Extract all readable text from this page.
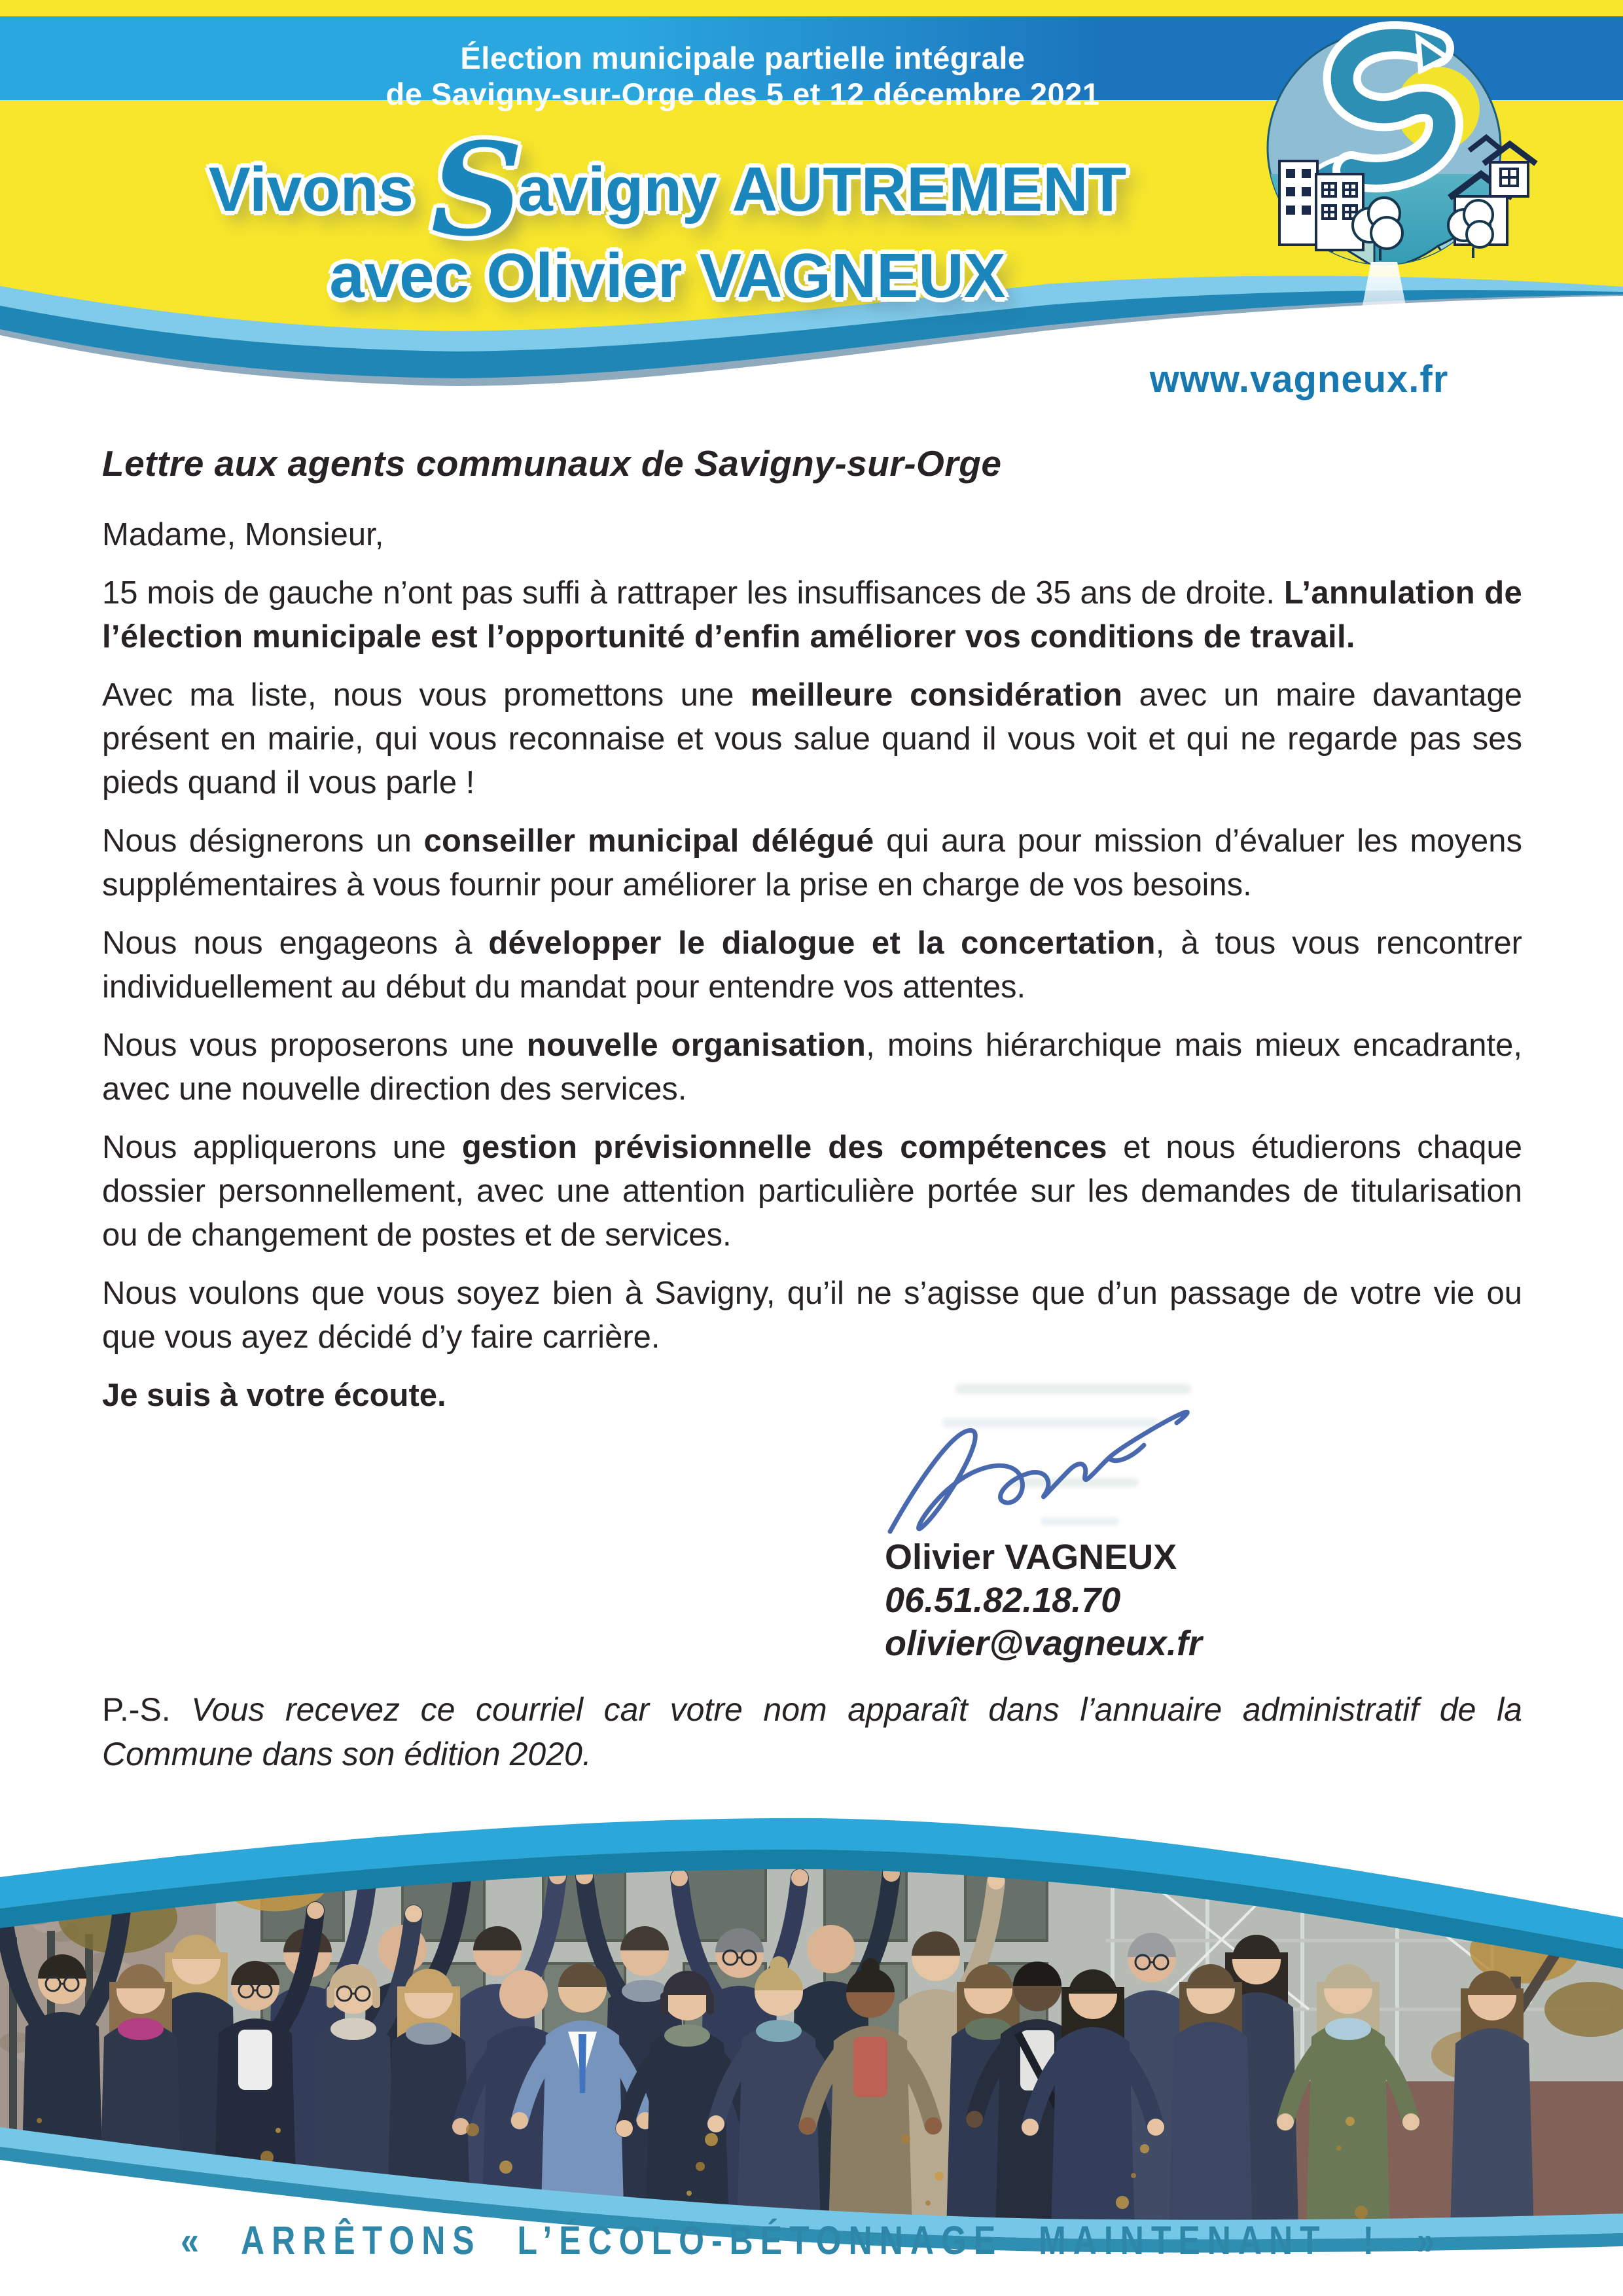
Élection municipale partielle intégrale
de Savigny-sur-Orge des 5 et 12 décembre 2021
Vivons Savigny AUTREMENT
avec Olivier VAGNEUX
www.vagneux.fr
Lettre aux agents communaux de Savigny-sur-Orge

Madame, Monsieur,

15 mois de gauche n’ont pas suffi à rattraper les insuffisances de 35 ans de droite. L’annulation de l’élection municipale est l’opportunité d’enfin améliorer vos conditions de travail.

Avec ma liste, nous vous promettons une meilleure considération avec un maire davantage présent en mairie, qui vous reconnaise et vous salue quand il vous voit et qui ne regarde pas ses pieds quand il vous parle !

Nous désignerons un conseiller municipal délégué qui aura pour mission d’évaluer les moyens supplémentaires à vous fournir pour améliorer la prise en charge de vos besoins.

Nous nous engageons à développer le dialogue et la concertation, à tous vous rencontrer individuellement au début du mandat pour entendre vos attentes.

Nous vous proposerons une nouvelle organisation, moins hiérarchique mais mieux encadrante, avec une nouvelle direction des services.

Nous appliquerons une gestion prévisionnelle des compétences et nous étudierons chaque dossier personnellement, avec une attention particulière portée sur les demandes de titularisation ou de changement de postes et de services.

Nous voulons que vous soyez bien à Savigny, qu’il ne s’agisse que d’un passage de votre vie ou que vous ayez décidé d’y faire carrière.

Je suis à votre écoute.

Olivier VAGNEUX
06.51.82.18.70
olivier@vagneux.fr
P.-S. Vous recevez ce courriel car votre nom apparaît dans l’annuaire administratif de la Commune dans son édition 2020.
« ARRÊTONS L’ÉCOLO-BÉTONNAGE MAINTENANT ! »
